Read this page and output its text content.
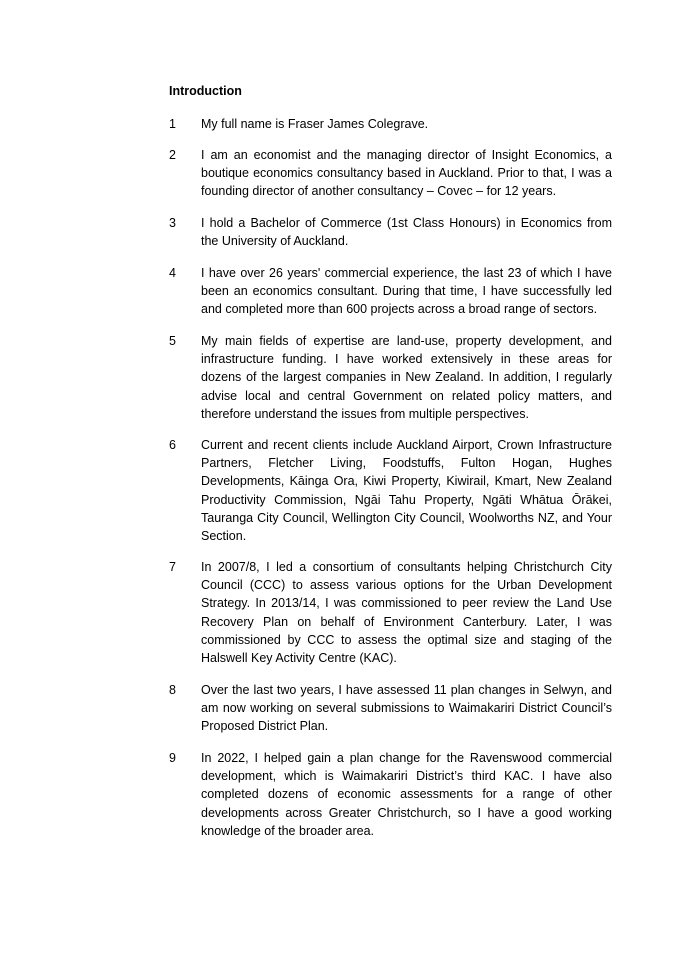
Introduction
1	My full name is Fraser James Colegrave.
2	I am an economist and the managing director of Insight Economics, a boutique economics consultancy based in Auckland. Prior to that, I was a founding director of another consultancy – Covec – for 12 years.
3	I hold a Bachelor of Commerce (1st Class Honours) in Economics from the University of Auckland.
4	I have over 26 years' commercial experience, the last 23 of which I have been an economics consultant. During that time, I have successfully led and completed more than 600 projects across a broad range of sectors.
5	My main fields of expertise are land-use, property development, and infrastructure funding. I have worked extensively in these areas for dozens of the largest companies in New Zealand. In addition, I regularly advise local and central Government on related policy matters, and therefore understand the issues from multiple perspectives.
6	Current and recent clients include Auckland Airport, Crown Infrastructure Partners, Fletcher Living, Foodstuffs, Fulton Hogan, Hughes Developments, Kāinga Ora, Kiwi Property, Kiwirail, Kmart, New Zealand Productivity Commission, Ngāi Tahu Property, Ngāti Whātua Ōrākei, Tauranga City Council, Wellington City Council, Woolworths NZ, and Your Section.
7	In 2007/8, I led a consortium of consultants helping Christchurch City Council (CCC) to assess various options for the Urban Development Strategy. In 2013/14, I was commissioned to peer review the Land Use Recovery Plan on behalf of Environment Canterbury. Later, I was commissioned by CCC to assess the optimal size and staging of the Halswell Key Activity Centre (KAC).
8	Over the last two years, I have assessed 11 plan changes in Selwyn, and am now working on several submissions to Waimakariri District Council’s Proposed District Plan.
9	In 2022, I helped gain a plan change for the Ravenswood commercial development, which is Waimakariri District’s third KAC. I have also completed dozens of economic assessments for a range of other developments across Greater Christchurch, so I have a good working knowledge of the broader area.
